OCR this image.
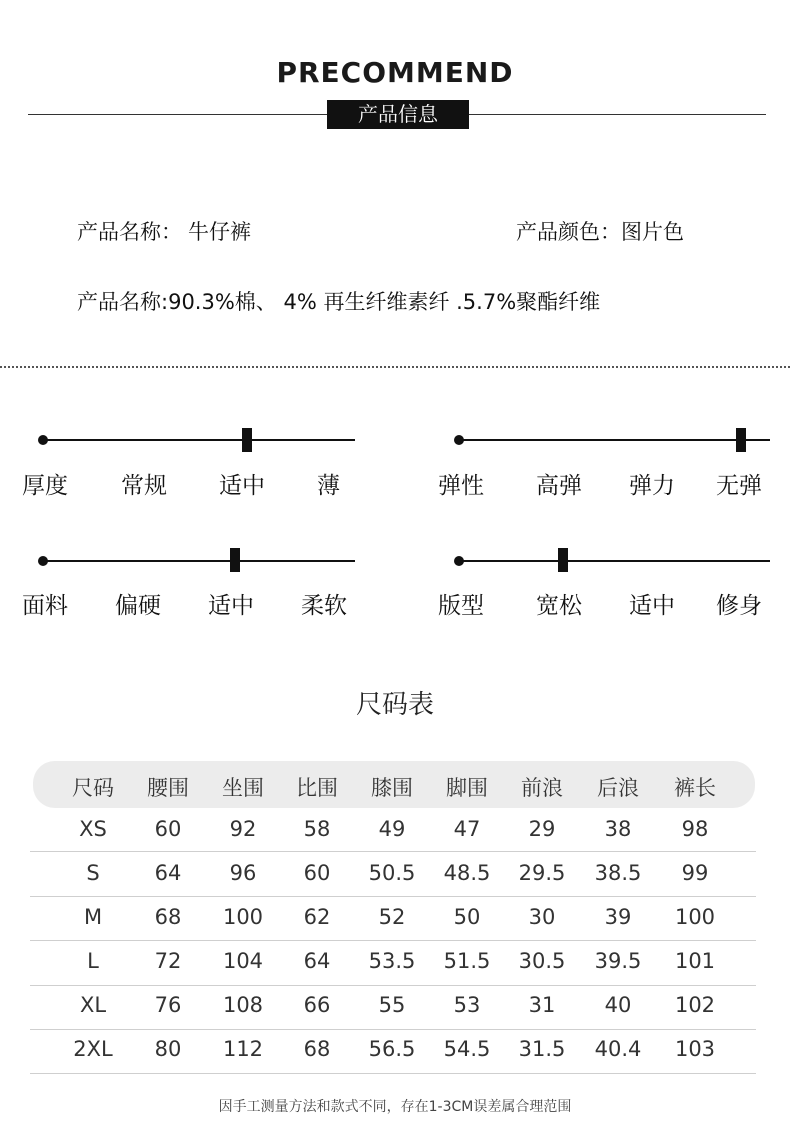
PRECOMMEND
产品信息
产品名称： 牛仔裤	产品颜色：图片色
产品名称:90.3%棉、 4% 再生纤维素纤 .5.7%聚酯纤维
厚度 常规 适中 薄	弹性 高弹 弹力 无弹
面料 偏硬 适中 柔软	版型 宽松 适中 修身
尺码表
尺码	腰围	坐围	比围	膝围	脚围	前浪	后浪	裤长
XS	60	92	58	49	47	29	38	98
S	64	96	60	50.5	48.5	29.5	38.5	99
M	68	100	62	52	50	30	39	100
L	72	104	64	53.5	51.5	30.5	39.5	101
XL	76	108	66	55	53	31	40	102
2XL	80	112	68	56.5	54.5	31.5	40.4	103
因手工测量方法和款式不同，存在1-3CM误差属合理范围
